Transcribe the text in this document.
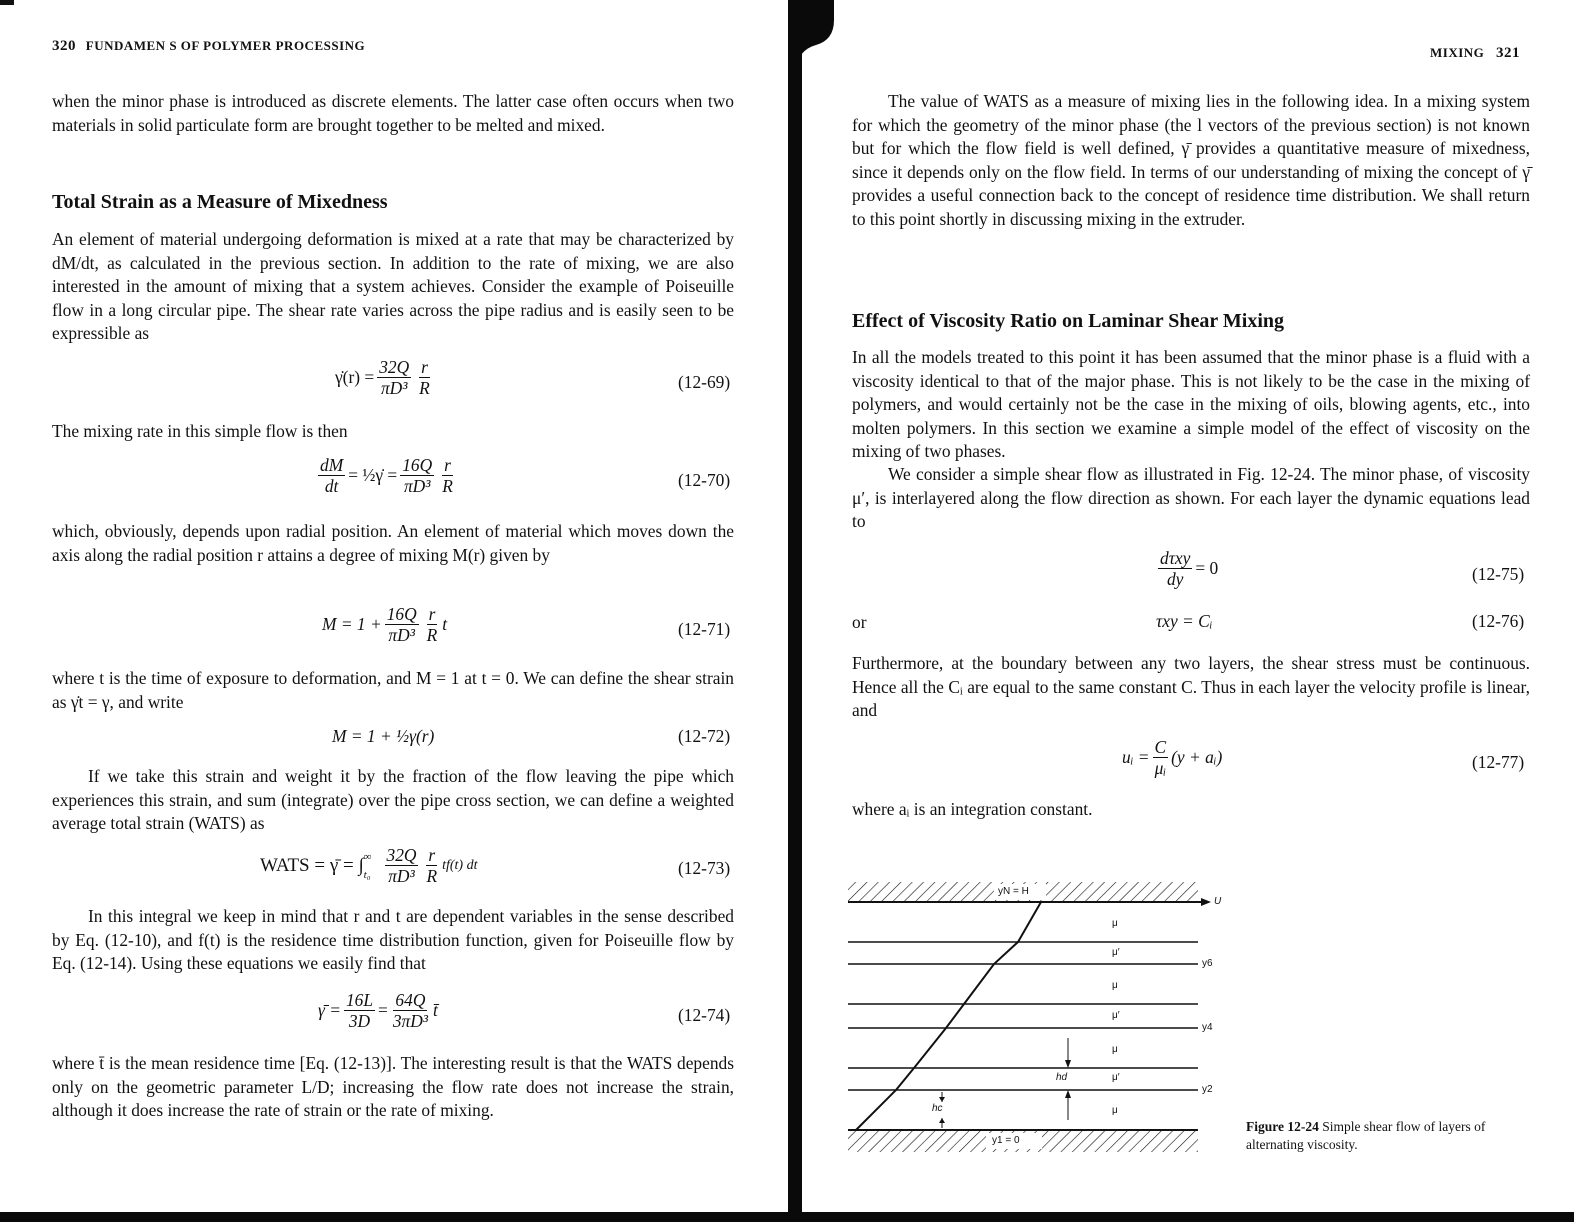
320 FUNDAMEN S OF POLYMER PROCESSING
when the minor phase is introduced as discrete elements. The latter case often occurs when two materials in solid particulate form are brought together to be melted and mixed.
Total Strain as a Measure of Mixedness
An element of material undergoing deformation is mixed at a rate that may be characterized by dM/dt, as calculated in the previous section. In addition to the rate of mixing, we are also interested in the amount of mixing that a system achieves. Consider the example of Poiseuille flow in a long circular pipe. The shear rate varies across the pipe radius and is easily seen to be expressible as
γ̇(r) = $\frac{32Q}{\text{πD³}} \frac{r}{R}$	(12-69)
The mixing rate in this simple flow is then
$\frac{dM}{dt}$ = ½γ̇ = $\frac{16Q}{\text{πD³}} \frac{r}{R}$	(12-70)
which, obviously, depends upon radial position. An element of material which moves down the axis along the radial position r attains a degree of mixing M(r) given by
$M = 1 + \frac{16Q}{\text{πD³}} \frac{r}{R}$ t	(12-71)
where t is the time of exposure to deformation, and M = 1 at t = 0. We can define the shear strain as γ̇t = γ, and write
M = 1 + ½γ(r)	(12-72)
If we take this strain and weight it by the fraction of the flow leaving the pipe which experiences this strain, and sum (integrate) over the pipe cross section, we can define a weighted average total strain (WATS) as
WATS = γ̄ = ∫ ∞
$t_0 \frac{32Q}{\text{πD³}} \frac{r}{R} tf(t)$ dt	(12-73)
In this integral we keep in mind that r and t are dependent variables in the sense described by Eq. (12-10), and f(t) is the residence time distribution function, given for Poiseuille flow by Eq. (12-14). Using these equations we easily find that
γ̄ = $\frac{16L}{3D} = \frac{64Q}{\text{3πD³}}$ t̄	(12-74)
where t̄ is the mean residence time [Eq. (12-13)]. The interesting result is that the WATS depends only on the geometric parameter L/D; increasing the flow rate does not increase the strain, although it does increase the rate of strain or the rate of mixing.
MIXING 321
The value of WATS as a measure of mixing lies in the following idea. In a mixing system for which the geometry of the minor phase (the l vectors of the previous section) is not known but for which the flow field is well defined, γ̄ provides a quantitative measure of mixedness, since it depends only on the flow field. In terms of our understanding of mixing the concept of γ̄ provides a useful connection back to the concept of residence time distribution. We shall return to this point shortly in discussing mixing in the extruder.
Effect of Viscosity Ratio on Laminar Shear Mixing
In all the models treated to this point it has been assumed that the minor phase is a fluid with a viscosity identical to that of the major phase. This is not likely to be the case in the mixing of polymers, and would certainly not be the case in the mixing of oils, blowing agents, etc., into molten polymers. In this section we examine a simple model of the effect of viscosity on the mixing of two phases.
We consider a simple shear flow as illustrated in Fig. 12-24. The minor phase, of viscosity μ′, is interlayered along the flow direction as shown. For each layer the dynamic equations lead to
$\frac{\text{dτxy}}{dy} = 0$	(12-75)
or	τxy = Cᵢ	(12-76)
Furthermore, at the boundary between any two layers, the shear stress must be continuous. Hence all the Cᵢ are equal to the same constant C. Thus in each layer the velocity profile is linear, and
uᵢ = $\frac{C}{\text{μᵢ}} (y$ + aᵢ)	(12-77)
where aᵢ is an integration constant.
Figure 12-24 Simple shear flow of layers of alternating viscosity.
yN = H
y1 = 0
U
μ
μ′
μ
μ′
μ
μ′
μ
y6
y4
y2
hd
hc
